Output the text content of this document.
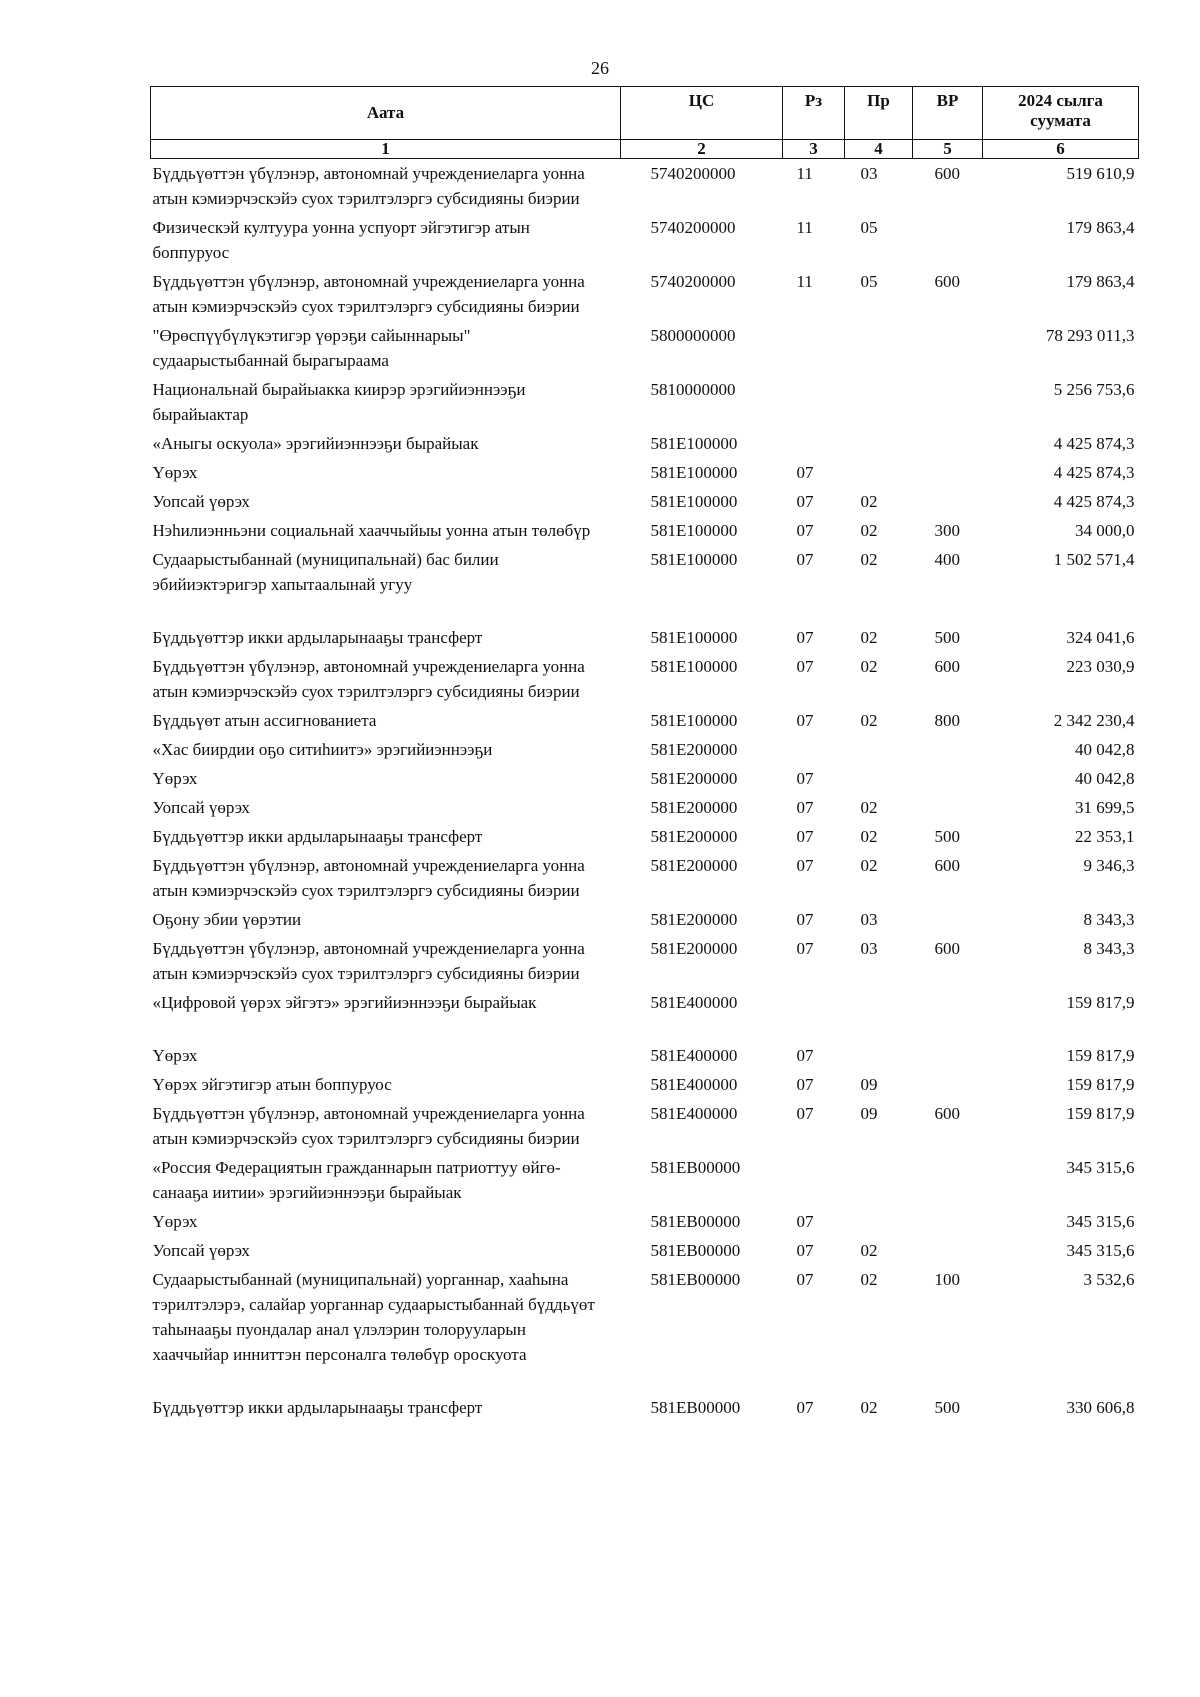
26
Аата	ЦС	Рз	Пр	ВР	2024 сылга суумата
1	2	3	4	5	6
Бүддьүөттэн үбүлэнэр, автономнай учреждениеларга уонна атын кэмиэрчэскэйэ суох тэрилтэлэргэ субсидияны биэрии	5740200000	11	03	600	519 610,9
Физическэй култуура уонна успуорт эйгэтигэр атын боппуруос	5740200000	11	05		179 863,4
Бүддьүөттэн үбүлэнэр, автономнай учреждениеларга уонна атын кэмиэрчэскэйэ суох тэрилтэлэргэ субсидияны биэрии	5740200000	11	05	600	179 863,4
"Өрөспүүбүлүкэтигэр үөрэҕи сайыннарыы" судаарыстыбаннай бырагыраама	5800000000				78 293 011,3
Национальнай бырайыакка киирэр эрэгийиэннээҕи бырайыактар	5810000000				5 256 753,6
«Аныгы оскуола» эрэгийиэннээҕи бырайыак	581E100000				4 425 874,3
Үөрэх	581E100000	07			4 425 874,3
Уопсай үөрэх	581E100000	07	02		4 425 874,3
Нэһилиэнньэни социальнай хааччыйыы уонна атын төлөбүр	581E100000	07	02	300	34 000,0
Судаарыстыбаннай (муниципальнай) бас билии эбийиэктэригэр хапытаалынай угуу	581E100000	07	02	400	1 502 571,4
Бүддьүөттэр икки ардыларынааҕы трансферт	581E100000	07	02	500	324 041,6
Бүддьүөттэн үбүлэнэр, автономнай учреждениеларга уонна атын кэмиэрчэскэйэ суох тэрилтэлэргэ субсидияны биэрии	581E100000	07	02	600	223 030,9
Бүддьүөт атын ассигнованиета	581E100000	07	02	800	2 342 230,4
«Хас биирдии оҕо ситиһиитэ» эрэгийиэннээҕи	581E200000				40 042,8
Үөрэх	581E200000	07			40 042,8
Уопсай үөрэх	581E200000	07	02		31 699,5
Бүддьүөттэр икки ардыларынааҕы трансферт	581E200000	07	02	500	22 353,1
Бүддьүөттэн үбүлэнэр, автономнай учреждениеларга уонна атын кэмиэрчэскэйэ суох тэрилтэлэргэ субсидияны биэрии	581E200000	07	02	600	9 346,3
Оҕону эбии үөрэтии	581E200000	07	03		8 343,3
Бүддьүөттэн үбүлэнэр, автономнай учреждениеларга уонна атын кэмиэрчэскэйэ суох тэрилтэлэргэ субсидияны биэрии	581E200000	07	03	600	8 343,3
«Цифровой үөрэх эйгэтэ» эрэгийиэннээҕи бырайыак	581E400000				159 817,9
Үөрэх	581E400000	07			159 817,9
Үөрэх эйгэтигэр атын боппуруос	581E400000	07	09		159 817,9
Бүддьүөттэн үбүлэнэр, автономнай учреждениеларга уонна атын кэмиэрчэскэйэ суох тэрилтэлэргэ субсидияны биэрии	581E400000	07	09	600	159 817,9
«Россия Федерациятын гражданнарын патриоттуу өйгө-санааҕа иитии» эрэгийиэннээҕи бырайыак	581EB00000				345 315,6
Үөрэх	581EB00000	07			345 315,6
Уопсай үөрэх	581EB00000	07	02		345 315,6
Судаарыстыбаннай (муниципальнай) уорганнар, хааһына тэрилтэлэрэ, салайар уорганнар судаарыстыбаннай бүддьүөт таһынааҕы пуондалар анал үлэлэрин толорууларын хааччыйар инниттэн персоналга төлөбүр ороскуота	581EB00000	07	02	100	3 532,6
Бүддьүөттэр икки ардыларынааҕы трансферт	581EB00000	07	02	500	330 606,8
